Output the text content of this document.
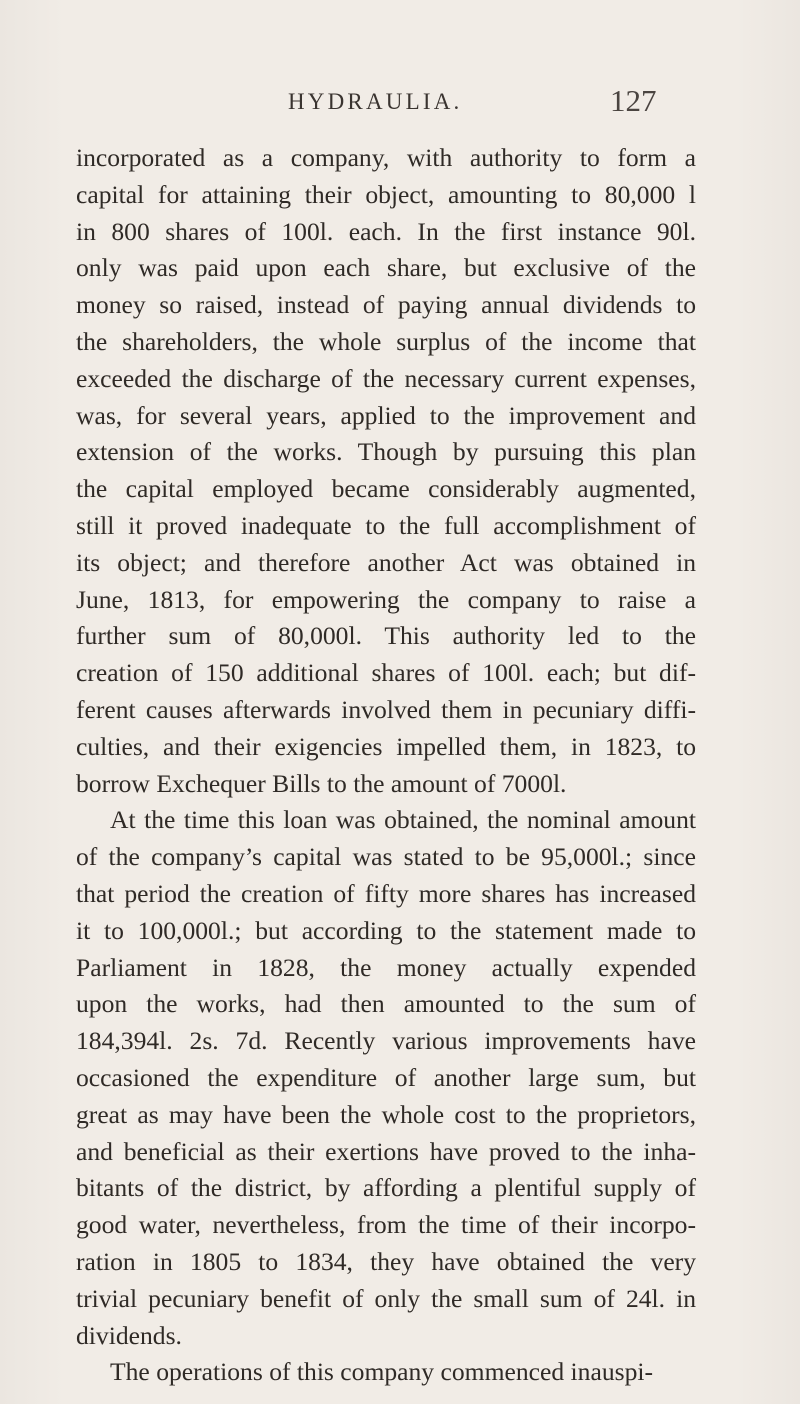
HYDRAULIA.	127
incorporated as a company, with authority to form a
capital for attaining their object, amounting to 80,000 l
in 800 shares of 100l. each. In the first instance 90l.
only was paid upon each share, but exclusive of the
money so raised, instead of paying annual dividends to
the shareholders, the whole surplus of the income that
exceeded the discharge of the necessary current expenses,
was, for several years, applied to the improvement and
extension of the works. Though by pursuing this plan
the capital employed became considerably augmented,
still it proved inadequate to the full accomplishment of
its object; and therefore another Act was obtained in
June, 1813, for empowering the company to raise a
further sum of 80,000l. This authority led to the
creation of 150 additional shares of 100l. each; but dif-
ferent causes afterwards involved them in pecuniary diffi-
culties, and their exigencies impelled them, in 1823, to
borrow Exchequer Bills to the amount of 7000l.
At the time this loan was obtained, the nominal amount
of the company’s capital was stated to be 95,000l.; since
that period the creation of fifty more shares has increased
it to 100,000l.; but according to the statement made to
Parliament in 1828, the money actually expended
upon the works, had then amounted to the sum of
184,394l. 2s. 7d. Recently various improvements have
occasioned the expenditure of another large sum, but
great as may have been the whole cost to the proprietors,
and beneficial as their exertions have proved to the inha-
bitants of the district, by affording a plentiful supply of
good water, nevertheless, from the time of their incorpo-
ration in 1805 to 1834, they have obtained the very
trivial pecuniary benefit of only the small sum of 24l. in
dividends.
The operations of this company commenced inauspi-
